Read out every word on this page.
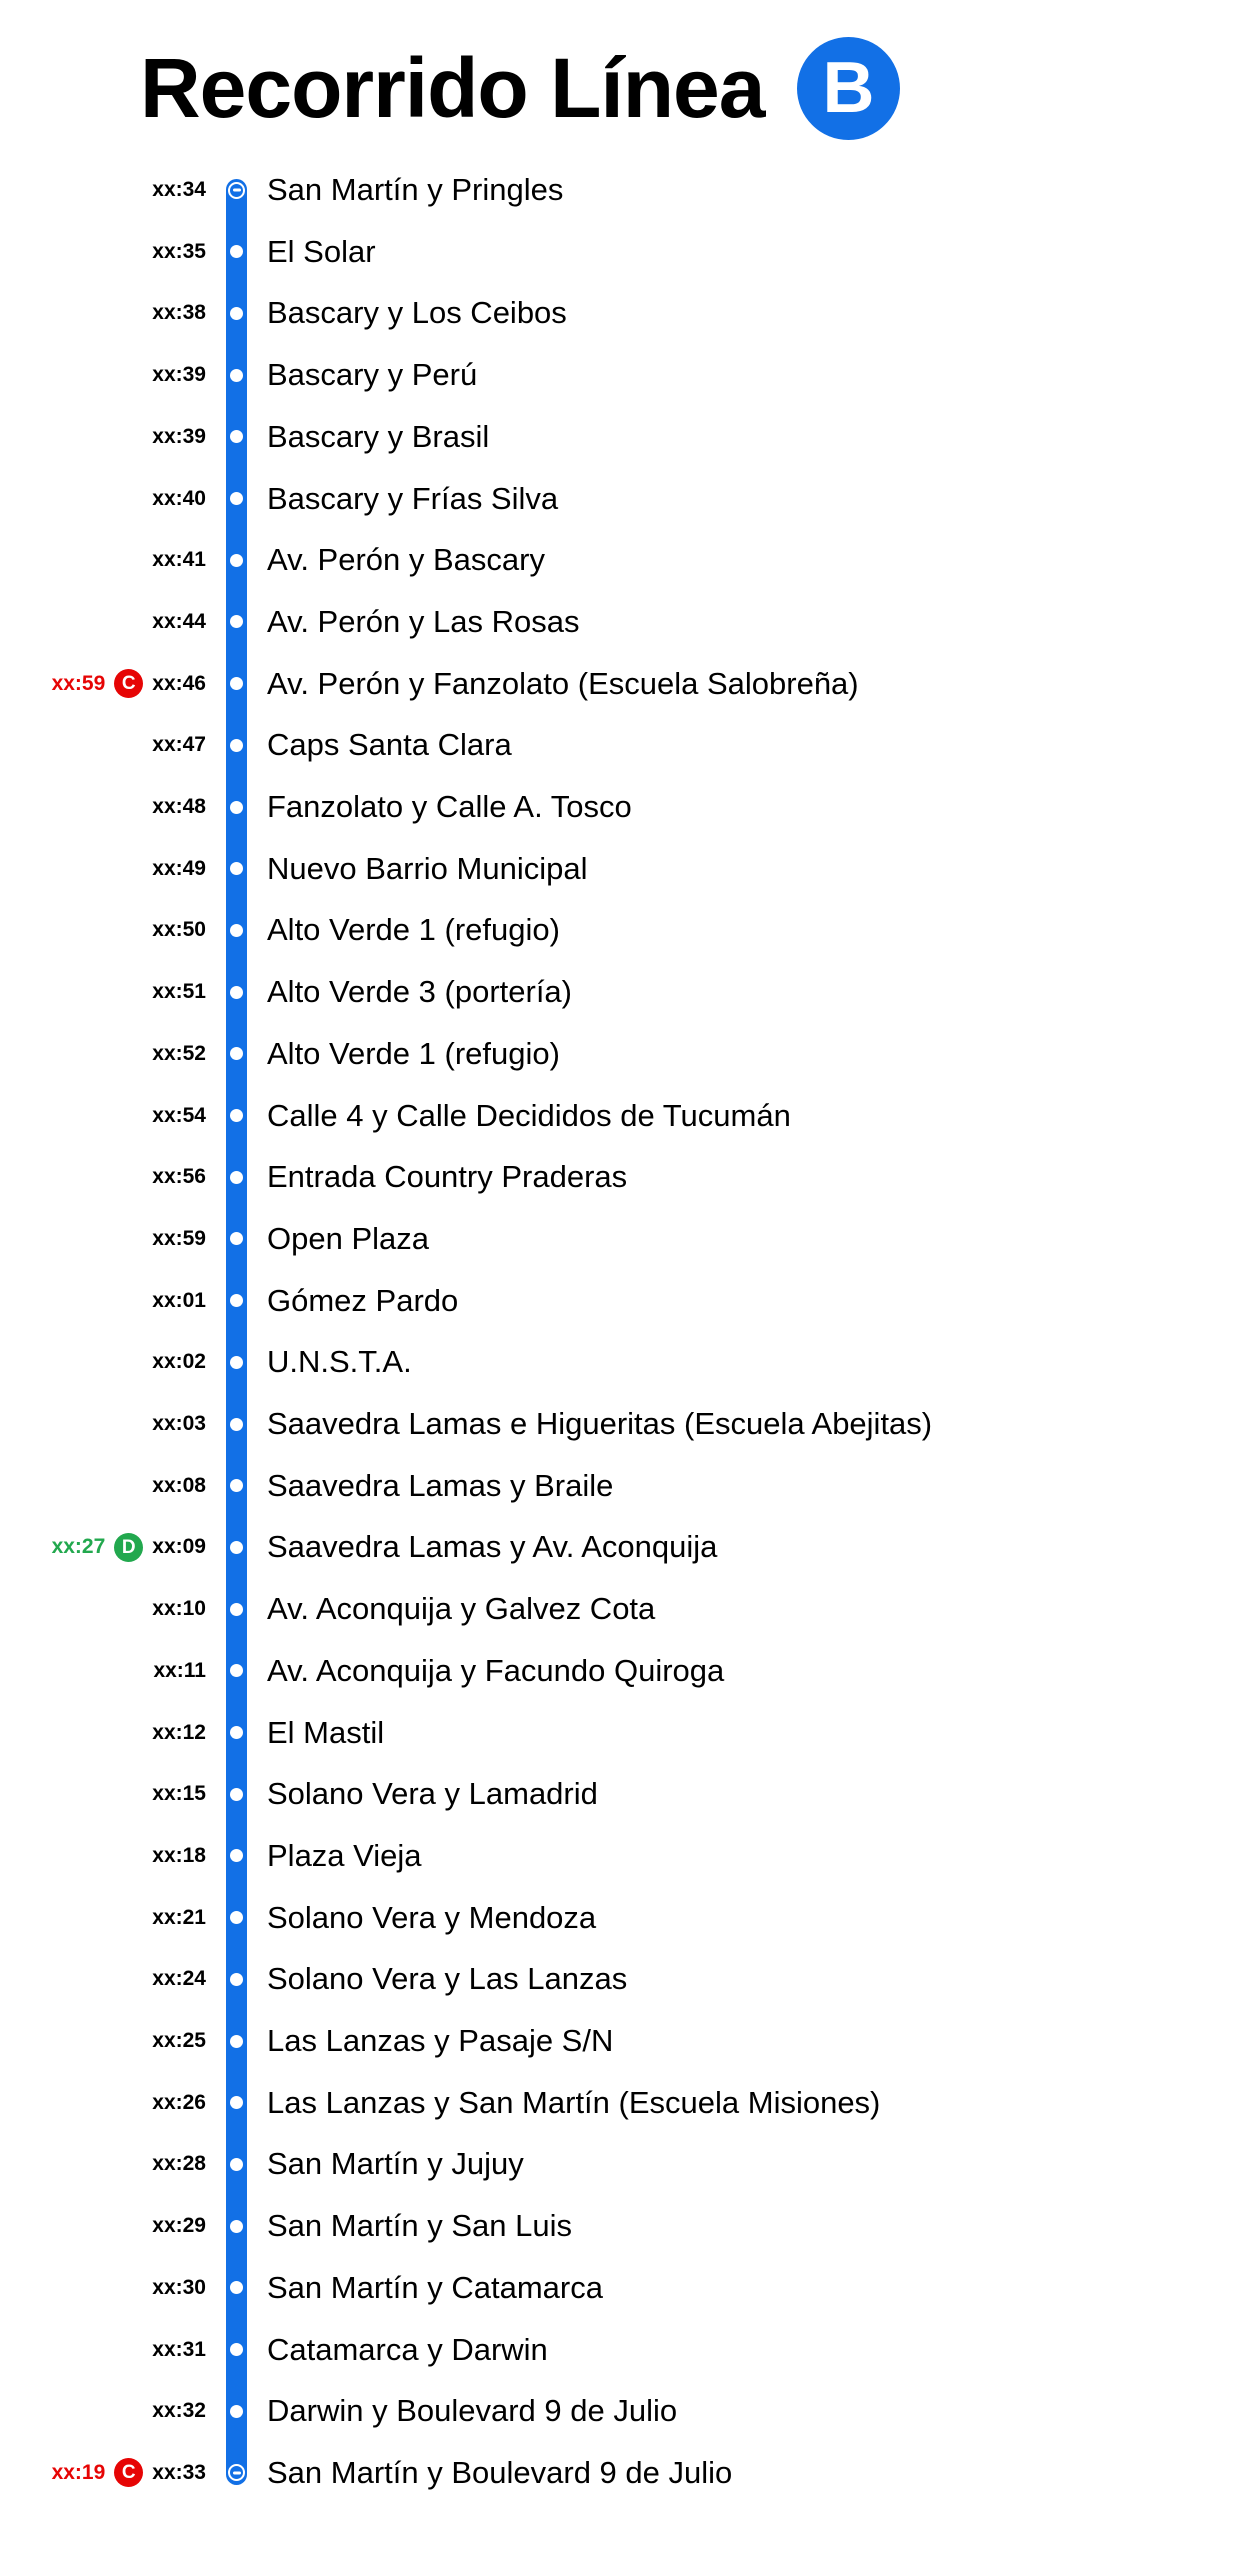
Recorrido Línea B
xx:34 San Martín y Pringles
xx:35 El Solar
xx:38 Bascary y Los Ceibos
xx:39 Bascary y Perú
xx:39 Bascary y Brasil
xx:40 Bascary y Frías Silva
xx:41 Av. Perón y Bascary
xx:44 Av. Perón y Las Rosas
xx:59 C xx:46 Av. Perón y Fanzolato (Escuela Salobreña)
xx:47 Caps Santa Clara
xx:48 Fanzolato y Calle A. Tosco
xx:49 Nuevo Barrio Municipal
xx:50 Alto Verde 1 (refugio)
xx:51 Alto Verde 3 (portería)
xx:52 Alto Verde 1 (refugio)
xx:54 Calle 4 y Calle Decididos de Tucumán
xx:56 Entrada Country Praderas
xx:59 Open Plaza
xx:01 Gómez Pardo
xx:02 U.N.S.T.A.
xx:03 Saavedra Lamas e Higueritas (Escuela Abejitas)
xx:08 Saavedra Lamas y Braile
xx:27 D xx:09 Saavedra Lamas y Av. Aconquija
xx:10 Av. Aconquija y Galvez Cota
xx:11 Av. Aconquija y Facundo Quiroga
xx:12 El Mastil
xx:15 Solano Vera y Lamadrid
xx:18 Plaza Vieja
xx:21 Solano Vera y Mendoza
xx:24 Solano Vera y Las Lanzas
xx:25 Las Lanzas y Pasaje S/N
xx:26 Las Lanzas y San Martín (Escuela Misiones)
xx:28 San Martín y Jujuy
xx:29 San Martín y San Luis
xx:30 San Martín y Catamarca
xx:31 Catamarca y Darwin
xx:32 Darwin y Boulevard 9 de Julio
xx:19 C xx:33 San Martín y Boulevard 9 de Julio
